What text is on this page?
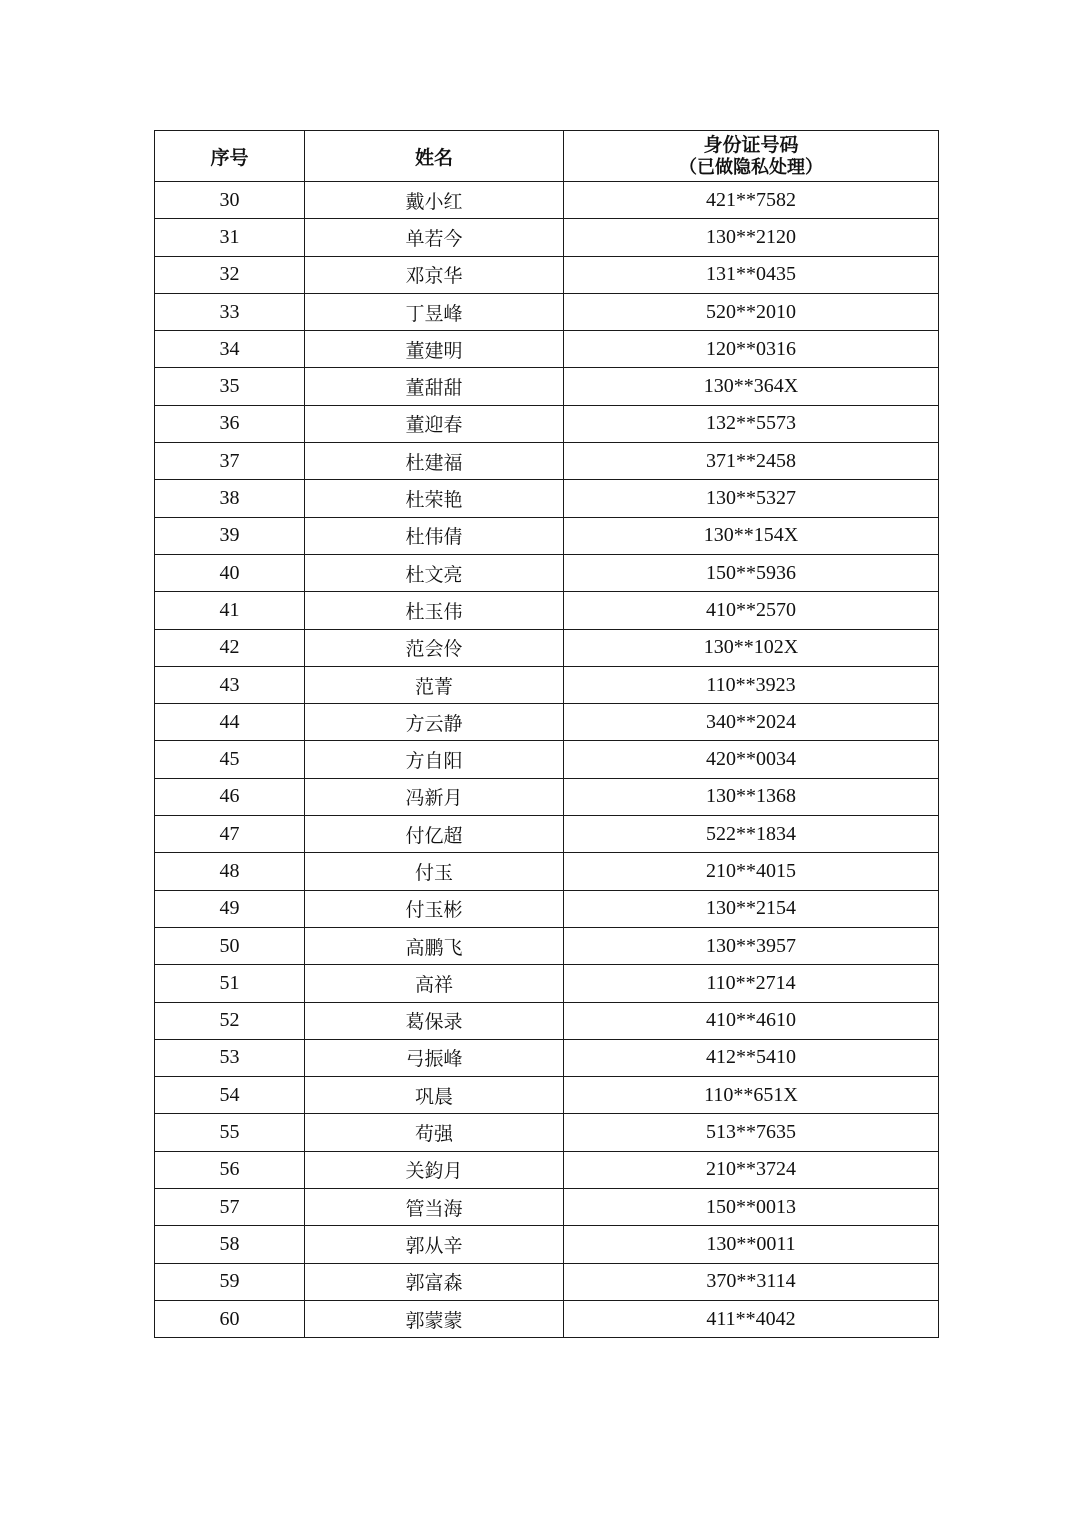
序号	姓名	身份证号码
（已做隐私处理）

30	戴小红	421**7582
31	单若今	130**2120
32	邓京华	131**0435
33	丁昱峰	520**2010
34	董建明	120**0316
35	董甜甜	130**364X
36	董迎春	132**5573
37	杜建福	371**2458
38	杜荣艳	130**5327
39	杜伟倩	130**154X
40	杜文亮	150**5936
41	杜玉伟	410**2570
42	范会伶	130**102X
43	范菁	110**3923
44	方云静	340**2024
45	方自阳	420**0034
46	冯新月	130**1368
47	付亿超	522**1834
48	付玉	210**4015
49	付玉彬	130**2154
50	高鹏飞	130**3957
51	高祥	110**2714
52	葛保录	410**4610
53	弓振峰	412**5410
54	巩晨	110**651X
55	苟强	513**7635
56	关鈞月	210**3724
57	管当海	150**0013
58	郭从辛	130**0011
59	郭富森	370**3114
60	郭蒙蒙	411**4042
